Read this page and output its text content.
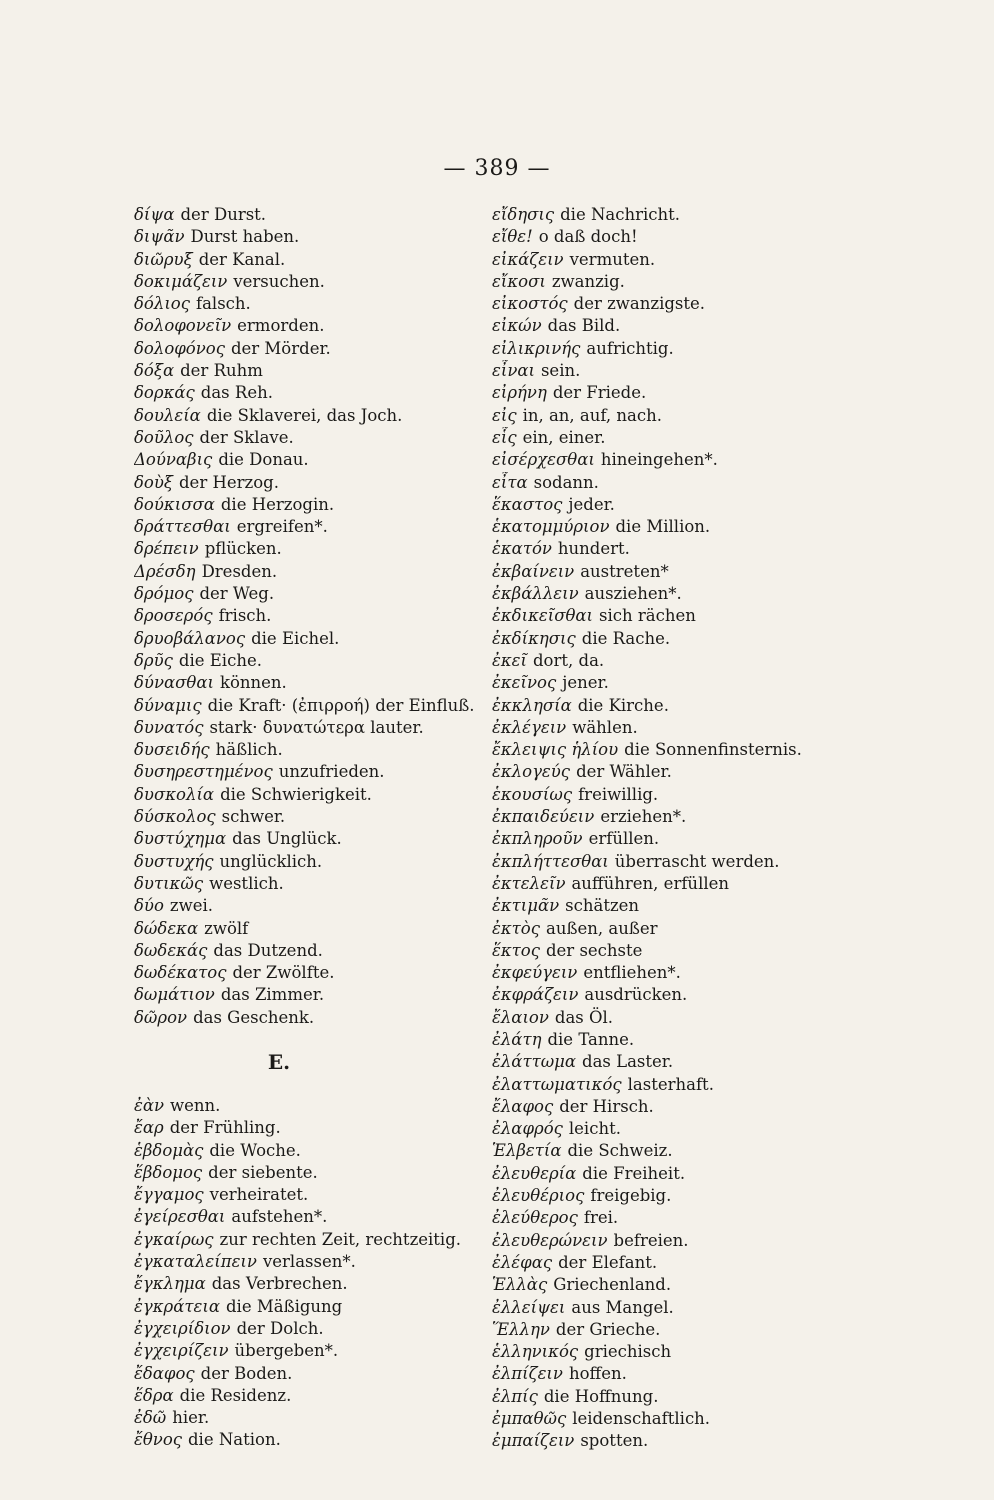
— 389 —
δίψα der Durst.
διψᾶν Durst haben.
διῶρυξ der Kanal.
δοκιμάζειν versuchen.
δόλιος falsch.
δολοφονεῖν ermorden.
δολοφόνος der Mörder.
δόξα der Ruhm
δορκάς das Reh.
δουλεία die Sklaverei, das Joch.
δοῦλος der Sklave.
Δούναβις die Donau.
δοὺξ der Herzog.
δούκισσα die Herzogin.
δράττεσθαι ergreifen*.
δρέπειν pflücken.
Δρέσδη Dresden.
δρόμος der Weg.
δροσερός frisch.
δρυοβάλανος die Eichel.
δρῦς die Eiche.
δύνασθαι können.
δύναμις die Kraft· (ἐπιρροή) der Einfluß.
δυνατός stark· δυνατώτερα lauter.
δυσειδής häßlich.
δυσηρεστημένος unzufrieden.
δυσκολία die Schwierigkeit.
δύσκολος schwer.
δυστύχημα das Unglück.
δυστυχής unglücklich.
δυτικῶς westlich.
δύο zwei.
δώδεκα zwölf
δωδεκάς das Dutzend.
δωδέκατος der Zwölfte.
δωμάτιον das Zimmer.
δῶρον das Geschenk.
E.
ἐὰν wenn.
ἔαρ der Frühling.
ἑβδομὰς die Woche.
ἕβδομος der siebente.
ἔγγαμος verheiratet.
ἐγείρεσθαι aufstehen*.
ἐγκαίρως zur rechten Zeit, rechtzeitig.
ἐγκαταλείπειν verlassen*.
ἔγκλημα das Verbrechen.
ἐγκράτεια die Mäßigung
ἐγχειρίδιον der Dolch.
ἐγχειρίζειν übergeben*.
ἔδαφος der Boden.
ἕδρα die Residenz.
ἐδῶ hier.
ἔθνος die Nation.
εἴδησις die Nachricht.
εἴθε! o daß doch!
εἰκάζειν vermuten.
εἴκοσι zwanzig.
εἰκοστός der zwanzigste.
εἰκών das Bild.
εἰλικρινής aufrichtig.
εἶναι sein.
εἰρήνη der Friede.
εἰς in, an, auf, nach.
εἷς ein, einer.
εἰσέρχεσθαι hineingehen*.
εἶτα sodann.
ἕκαστος jeder.
ἑκατομμύριον die Million.
ἑκατόν hundert.
ἐκβαίνειν austreten*
ἐκβάλλειν ausziehen*.
ἐκδικεῖσθαι sich rächen
ἐκδίκησις die Rache.
ἐκεῖ dort, da.
ἐκεῖνος jener.
ἐκκλησία die Kirche.
ἐκλέγειν wählen.
ἔκλειψις ἡλίου die Sonnenfinsternis.
ἐκλογεύς der Wähler.
ἑκουσίως freiwillig.
ἐκπαιδεύειν erziehen*.
ἐκπληροῦν erfüllen.
ἐκπλήττεσθαι überrascht werden.
ἐκτελεῖν aufführen, erfüllen
ἐκτιμᾶν schätzen
ἐκτὸς außen, außer
ἕκτος der sechste
ἐκφεύγειν entfliehen*.
ἐκφράζειν ausdrücken.
ἔλαιον das Öl.
ἐλάτη die Tanne.
ἐλάττωμα das Laster.
ἐλαττωματικός lasterhaft.
ἔλαφος der Hirsch.
ἐλαφρός leicht.
Ἑλβετία die Schweiz.
ἐλευθερία die Freiheit.
ἐλευθέριος freigebig.
ἐλεύθερος frei.
ἐλευθερώνειν befreien.
ἐλέφας der Elefant.
Ἑλλὰς Griechenland.
ἐλλείψει aus Mangel.
Ἕλλην der Grieche.
ἑλληνικός griechisch
ἐλπίζειν hoffen.
ἐλπίς die Hoffnung.
ἐμπαθῶς leidenschaftlich.
ἐμπαίζειν spotten.
